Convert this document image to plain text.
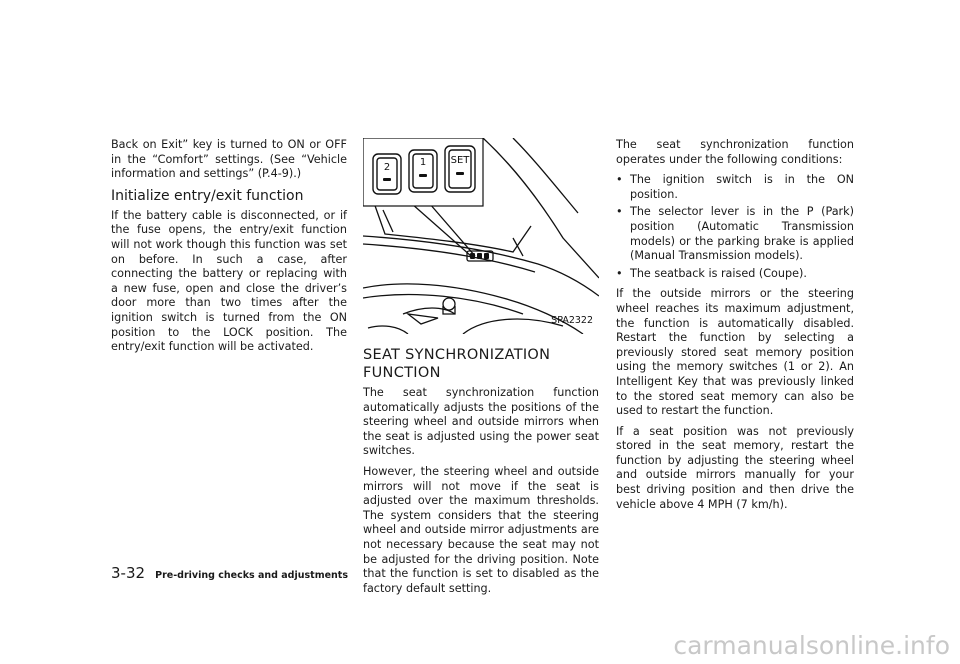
Back on Exit” key is turned to ON or OFF in the “Comfort” settings. (See “Vehicle information and settings” (P.4-9).)

Initialize entry/exit function

If the battery cable is disconnected, or if the fuse opens, the entry/exit function will not work though this function was set on before. In such a case, after connecting the battery or replacing with a new fuse, open and close the driver’s door more than two times after the ignition switch is turned from the ON position to the LOCK position. The entry/exit function will be activated.

2	1 SET
SPA2322
SEAT SYNCHRONIZATION FUNCTION

The seat synchronization function automatically adjusts the positions of the steering wheel and outside mirrors when the seat is adjusted using the power seat switches.

However, the steering wheel and outside mirrors will not move if the seat is adjusted over the maximum thresholds. The system considers that the steering wheel and outside mirror adjustments are not necessary because the seat may not be adjusted for the driving position. Note that the function is set to disabled as the factory default setting.

The seat synchronization function operates under the following conditions:

• The ignition switch is in the ON position.
• The selector lever is in the P (Park) position (Automatic Transmission models) or the parking brake is applied (Manual Transmission models).
• The seatback is raised (Coupe).

If the outside mirrors or the steering wheel reaches its maximum adjustment, the function is automatically disabled. Restart the function by selecting a previously stored seat memory position using the memory switches (1 or 2). An Intelligent Key that was previously linked to the stored seat memory can also be used to restart the function.

If a seat position was not previously stored in the seat memory, restart the function by adjusting the steering wheel and outside mirrors manually for your best driving position and then drive the vehicle above 4 MPH (7 km/h).

3-32 Pre-driving checks and adjustments
carmanualsonline.info
